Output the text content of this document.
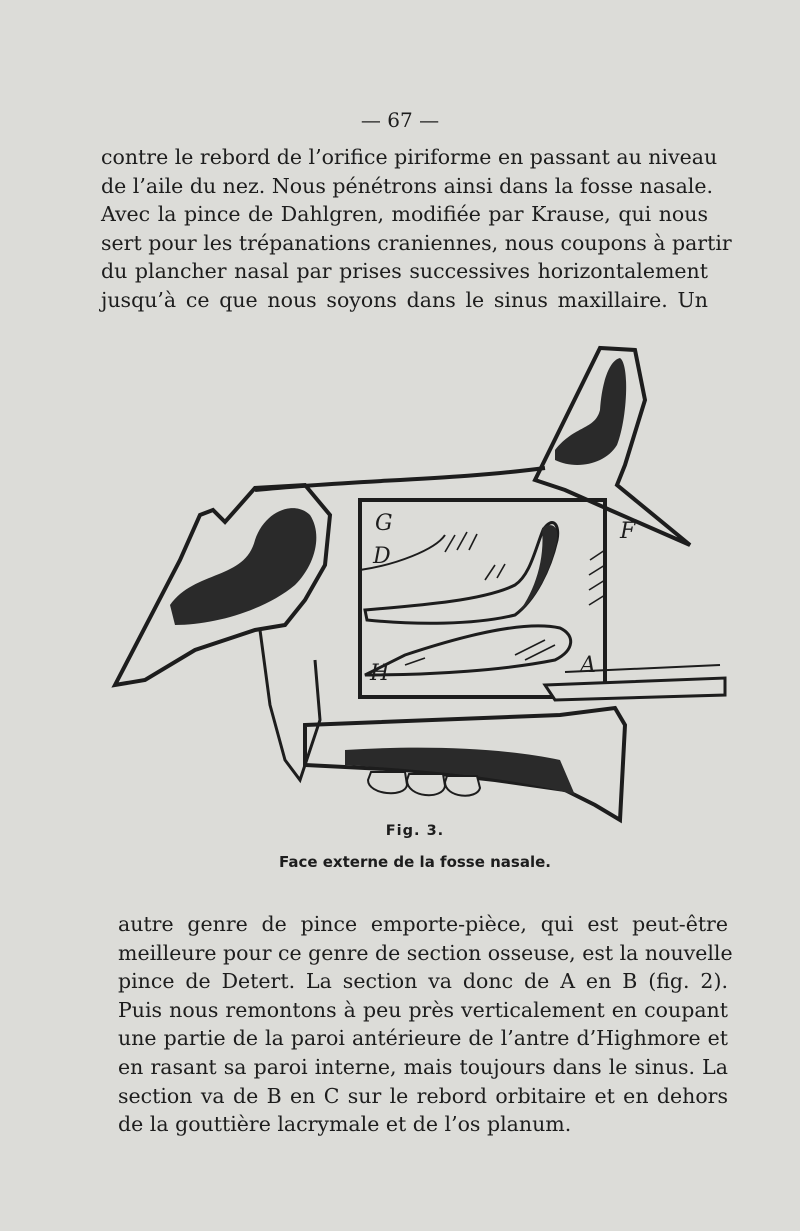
— 67 —

contre le rebord de l’orifice piriforme en passant au niveau
de l’aile du nez. Nous pénétrons ainsi dans la fosse nasale.
Avec la pince de Dahlgren, modifiée par Krause, qui nous
sert pour les trépanations craniennes, nous coupons à partir
du plancher nasal par prises successives horizontalement
jusqu’à ce que nous soyons dans le sinus maxillaire. Un

G
D
F
H	A
Fig. 3.
Face externe de la fosse nasale.

autre genre de pince emporte-pièce, qui est peut-être
meilleure pour ce genre de section osseuse, est la nouvelle
pince de Detert. La section va donc de A en B (fig. 2).
Puis nous remontons à peu près verticalement en coupant
une partie de la paroi antérieure de l’antre d’Highmore et
en rasant sa paroi interne, mais toujours dans le sinus. La
section va de B en C sur le rebord orbitaire et en dehors
de la gouttière lacrymale et de l’os planum.
